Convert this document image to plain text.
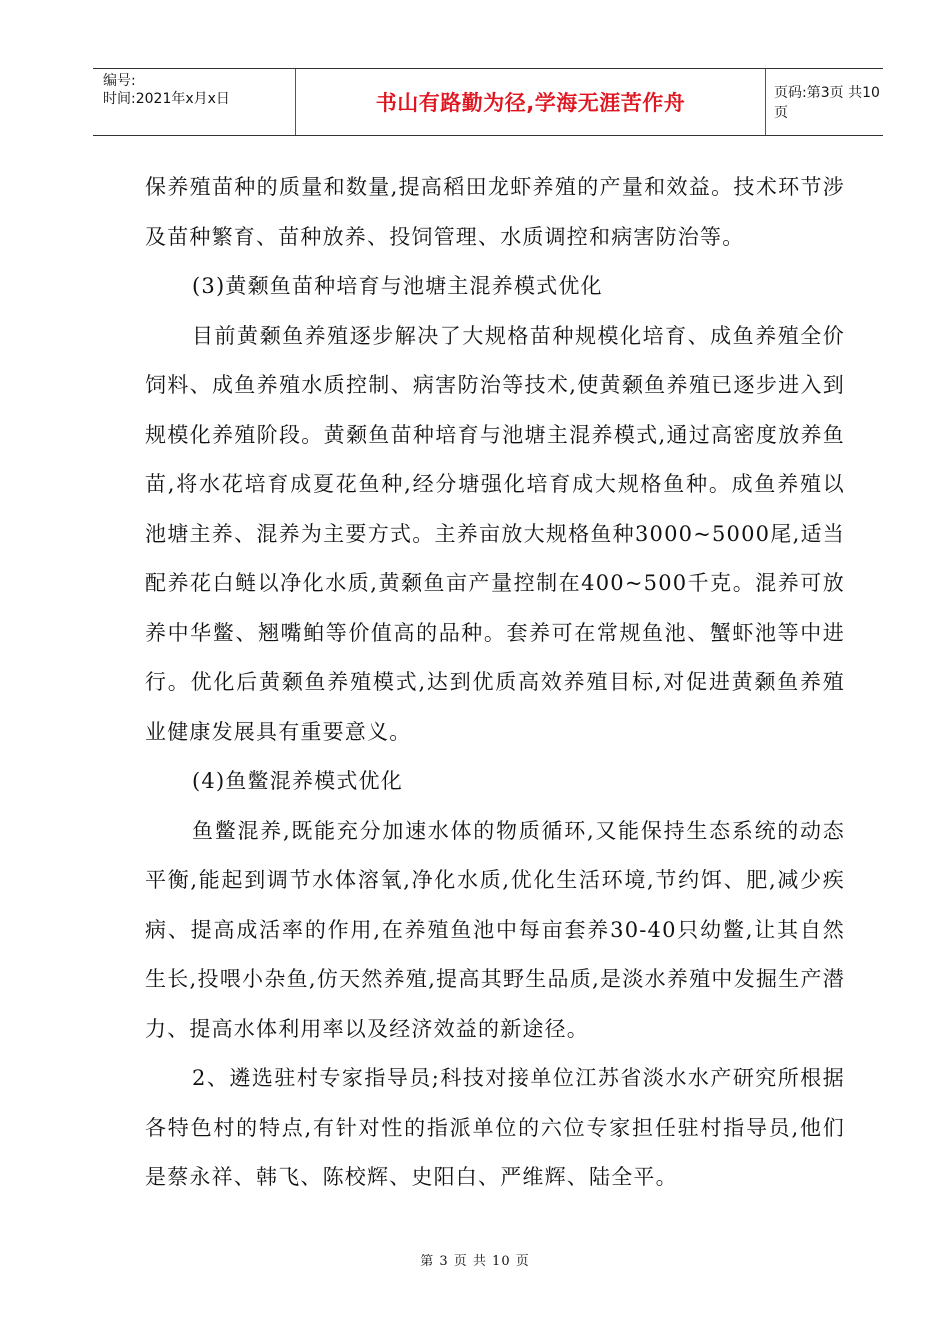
编号:
时间:2021年x月x日	书山有路勤为径,学海无涯苦作舟	页码:第3页 共10页

保养殖苗种的质量和数量,提高稻田龙虾养殖的产量和效益。技术环节涉及苗种繁育、苗种放养、投饲管理、水质调控和病害防治等。

(3)黄颡鱼苗种培育与池塘主混养模式优化

目前黄颡鱼养殖逐步解决了大规格苗种规模化培育、成鱼养殖全价饲料、成鱼养殖水质控制、病害防治等技术,使黄颡鱼养殖已逐步进入到规模化养殖阶段。黄颡鱼苗种培育与池塘主混养模式,通过高密度放养鱼苗,将水花培育成夏花鱼种,经分塘强化培育成大规格鱼种。成鱼养殖以池塘主养、混养为主要方式。主养亩放大规格鱼种3000~5000尾,适当配养花白鲢以净化水质,黄颡鱼亩产量控制在400~500千克。混养可放养中华鳖、翘嘴鲌等价值高的品种。套养可在常规鱼池、蟹虾池等中进行。优化后黄颡鱼养殖模式,达到优质高效养殖目标,对促进黄颡鱼养殖业健康发展具有重要意义。

(4)鱼鳖混养模式优化

鱼鳖混养,既能充分加速水体的物质循环,又能保持生态系统的动态平衡,能起到调节水体溶氧,净化水质,优化生活环境,节约饵、肥,减少疾病、提高成活率的作用,在养殖鱼池中每亩套养30-40只幼鳖,让其自然生长,投喂小杂鱼,仿天然养殖,提高其野生品质,是淡水养殖中发掘生产潜力、提高水体利用率以及经济效益的新途径。

2、遴选驻村专家指导员;科技对接单位江苏省淡水水产研究所根据各特色村的特点,有针对性的指派单位的六位专家担任驻村指导员,他们是蔡永祥、韩飞、陈校辉、史阳白、严维辉、陆全平。

第 3 页 共 10 页
